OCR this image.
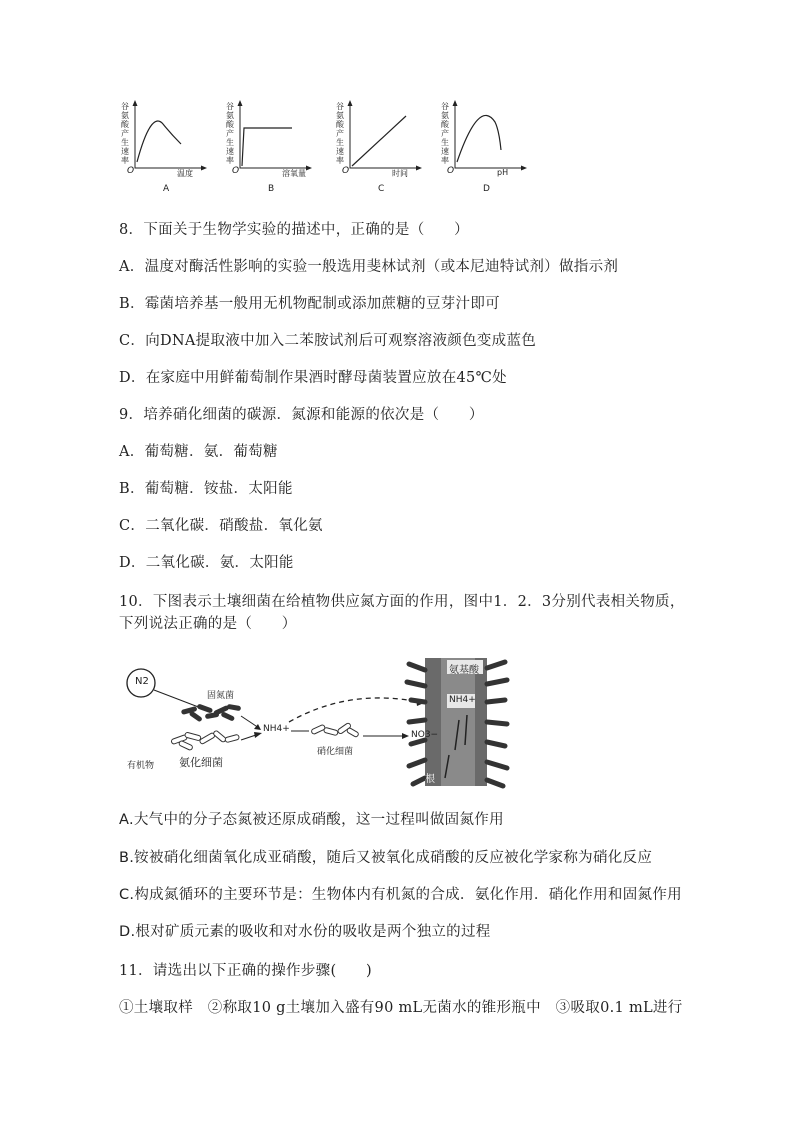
谷氨酸产生速率
O	温度
A
谷氨酸产生速率
O	溶氧量
B
谷氨酸产生速率
O	时间
C
谷氨酸产生速率
O	pH
D
8．下面关于生物学实验的描述中，正确的是（　　）
A．温度对酶活性影响的实验一般选用斐林试剂（或本尼迪特试剂）做指示剂
B．霉菌培养基一般用无机物配制或添加蔗糖的豆芽汁即可
C．向DNA提取液中加入二苯胺试剂后可观察溶液颜色变成蓝色
D．在家庭中用鲜葡萄制作果酒时酵母菌装置应放在45℃处
9．培养硝化细菌的碳源．氮源和能源的依次是（　　）
A．葡萄糖．氨．葡萄糖
B．葡萄糖．铵盐．太阳能
C．二氧化碳．硝酸盐．氧化氨
D．二氧化碳．氨．太阳能
10．下图表示土壤细菌在给植物供应氮方面的作用，图中1．2．3分别代表相关物质，
下列说法正确的是（　　）
N2
固氮菌
有机物 氨化细菌
NH4+
硝化细菌
NO3−
氨基酸
NH4+
根
A.大气中的分子态氮被还原成硝酸，这一过程叫做固氮作用
B.铵被硝化细菌氧化成亚硝酸，随后又被氧化成硝酸的反应被化学家称为硝化反应
C.构成氮循环的主要环节是：生物体内有机氮的合成．氨化作用．硝化作用和固氮作用
D.根对矿质元素的吸收和对水份的吸收是两个独立的过程
11．请选出以下正确的操作步骤(　　)
①土壤取样　②称取10 g土壤加入盛有90 mL无菌水的锥形瓶中　③吸取0.1 mL进行
